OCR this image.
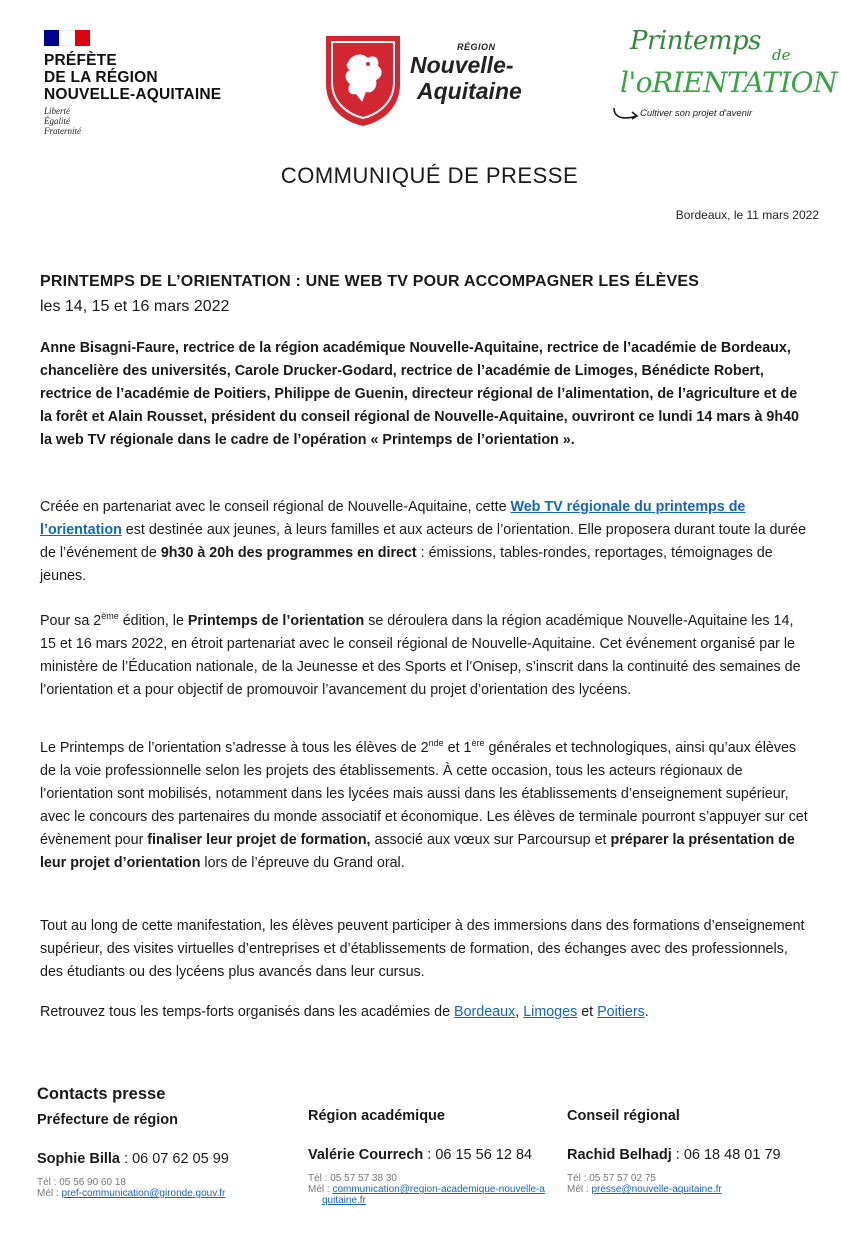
PRÉFÈTE
DE LA RÉGION
NOUVELLE-AQUITAINE
Liberté
Égalité
Fraternité
RÉGION
Nouvelle-
Aquitaine
Printemps de
l'oRIENTATION
Cultiver son projet d'avenir
COMMUNIQUÉ DE PRESSE
Bordeaux, le 11 mars 2022
PRINTEMPS DE L’ORIENTATION : UNE WEB TV POUR ACCOMPAGNER LES ÉLÈVES
les 14, 15 et 16 mars 2022
Anne Bisagni-Faure, rectrice de la région académique Nouvelle-Aquitaine, rectrice de l’académie de Bordeaux, chancelière des universités, Carole Drucker-Godard, rectrice de l’académie de Limoges, Bénédicte Robert, rectrice de l’académie de Poitiers, Philippe de Guenin, directeur régional de l’alimentation, de l’agriculture et de la forêt et Alain Rousset, président du conseil régional de Nouvelle-Aquitaine, ouvriront ce lundi 14 mars à 9h40 la web TV régionale dans le cadre de l’opération « Printemps de l’orientation ».
Créée en partenariat avec le conseil régional de Nouvelle-Aquitaine, cette Web TV régionale du printemps de l’orientation est destinée aux jeunes, à leurs familles et aux acteurs de l’orientation. Elle proposera durant toute la durée de l’événement de 9h30 à 20h des programmes en direct : émissions, tables-rondes, reportages, témoignages de jeunes.
Pour sa 2ème édition, le Printemps de l’orientation se déroulera dans la région académique Nouvelle-Aquitaine les 14, 15 et 16 mars 2022, en étroit partenariat avec le conseil régional de Nouvelle-Aquitaine. Cet événement organisé par le ministère de l’Éducation nationale, de la Jeunesse et des Sports et l’Onisep, s’inscrit dans la continuité des semaines de l’orientation et a pour objectif de promouvoir l’avancement du projet d’orientation des lycéens.
Le Printemps de l’orientation s’adresse à tous les élèves de 2nde et 1ère générales et technologiques, ainsi qu’aux élèves de la voie professionnelle selon les projets des établissements. À cette occasion, tous les acteurs régionaux de l’orientation sont mobilisés, notamment dans les lycées mais aussi dans les établissements d’enseignement supérieur, avec le concours des partenaires du monde associatif et économique. Les élèves de terminale pourront s’appuyer sur cet évènement pour finaliser leur projet de formation, associé aux vœux sur Parcoursup et préparer la présentation de leur projet d’orientation lors de l’épreuve du Grand oral.
Tout au long de cette manifestation, les élèves peuvent participer à des immersions dans des formations d’enseignement supérieur, des visites virtuelles d’entreprises et d’établissements de formation, des échanges avec des professionnels, des étudiants ou des lycéens plus avancés dans leur cursus.
Retrouvez tous les temps-forts organisés dans les académies de Bordeaux, Limoges et Poitiers.
Contacts presse
Préfecture de région
Sophie Billa : 06 07 62 05 99
Tél : 05 56 90 60 18
Mél : pref-communication@gironde.gouv.fr
Région académique
Valérie Courrech : 06 15 56 12 84
Tél : 05 57 57 38 30
Mél : communication@region-academique-nouvelle-aquitaine.fr
Conseil régional
Rachid Belhadj : 06 18 48 01 79
Tél : 05 57 57 02 75
Mél : presse@nouvelle-aquitaine.fr
